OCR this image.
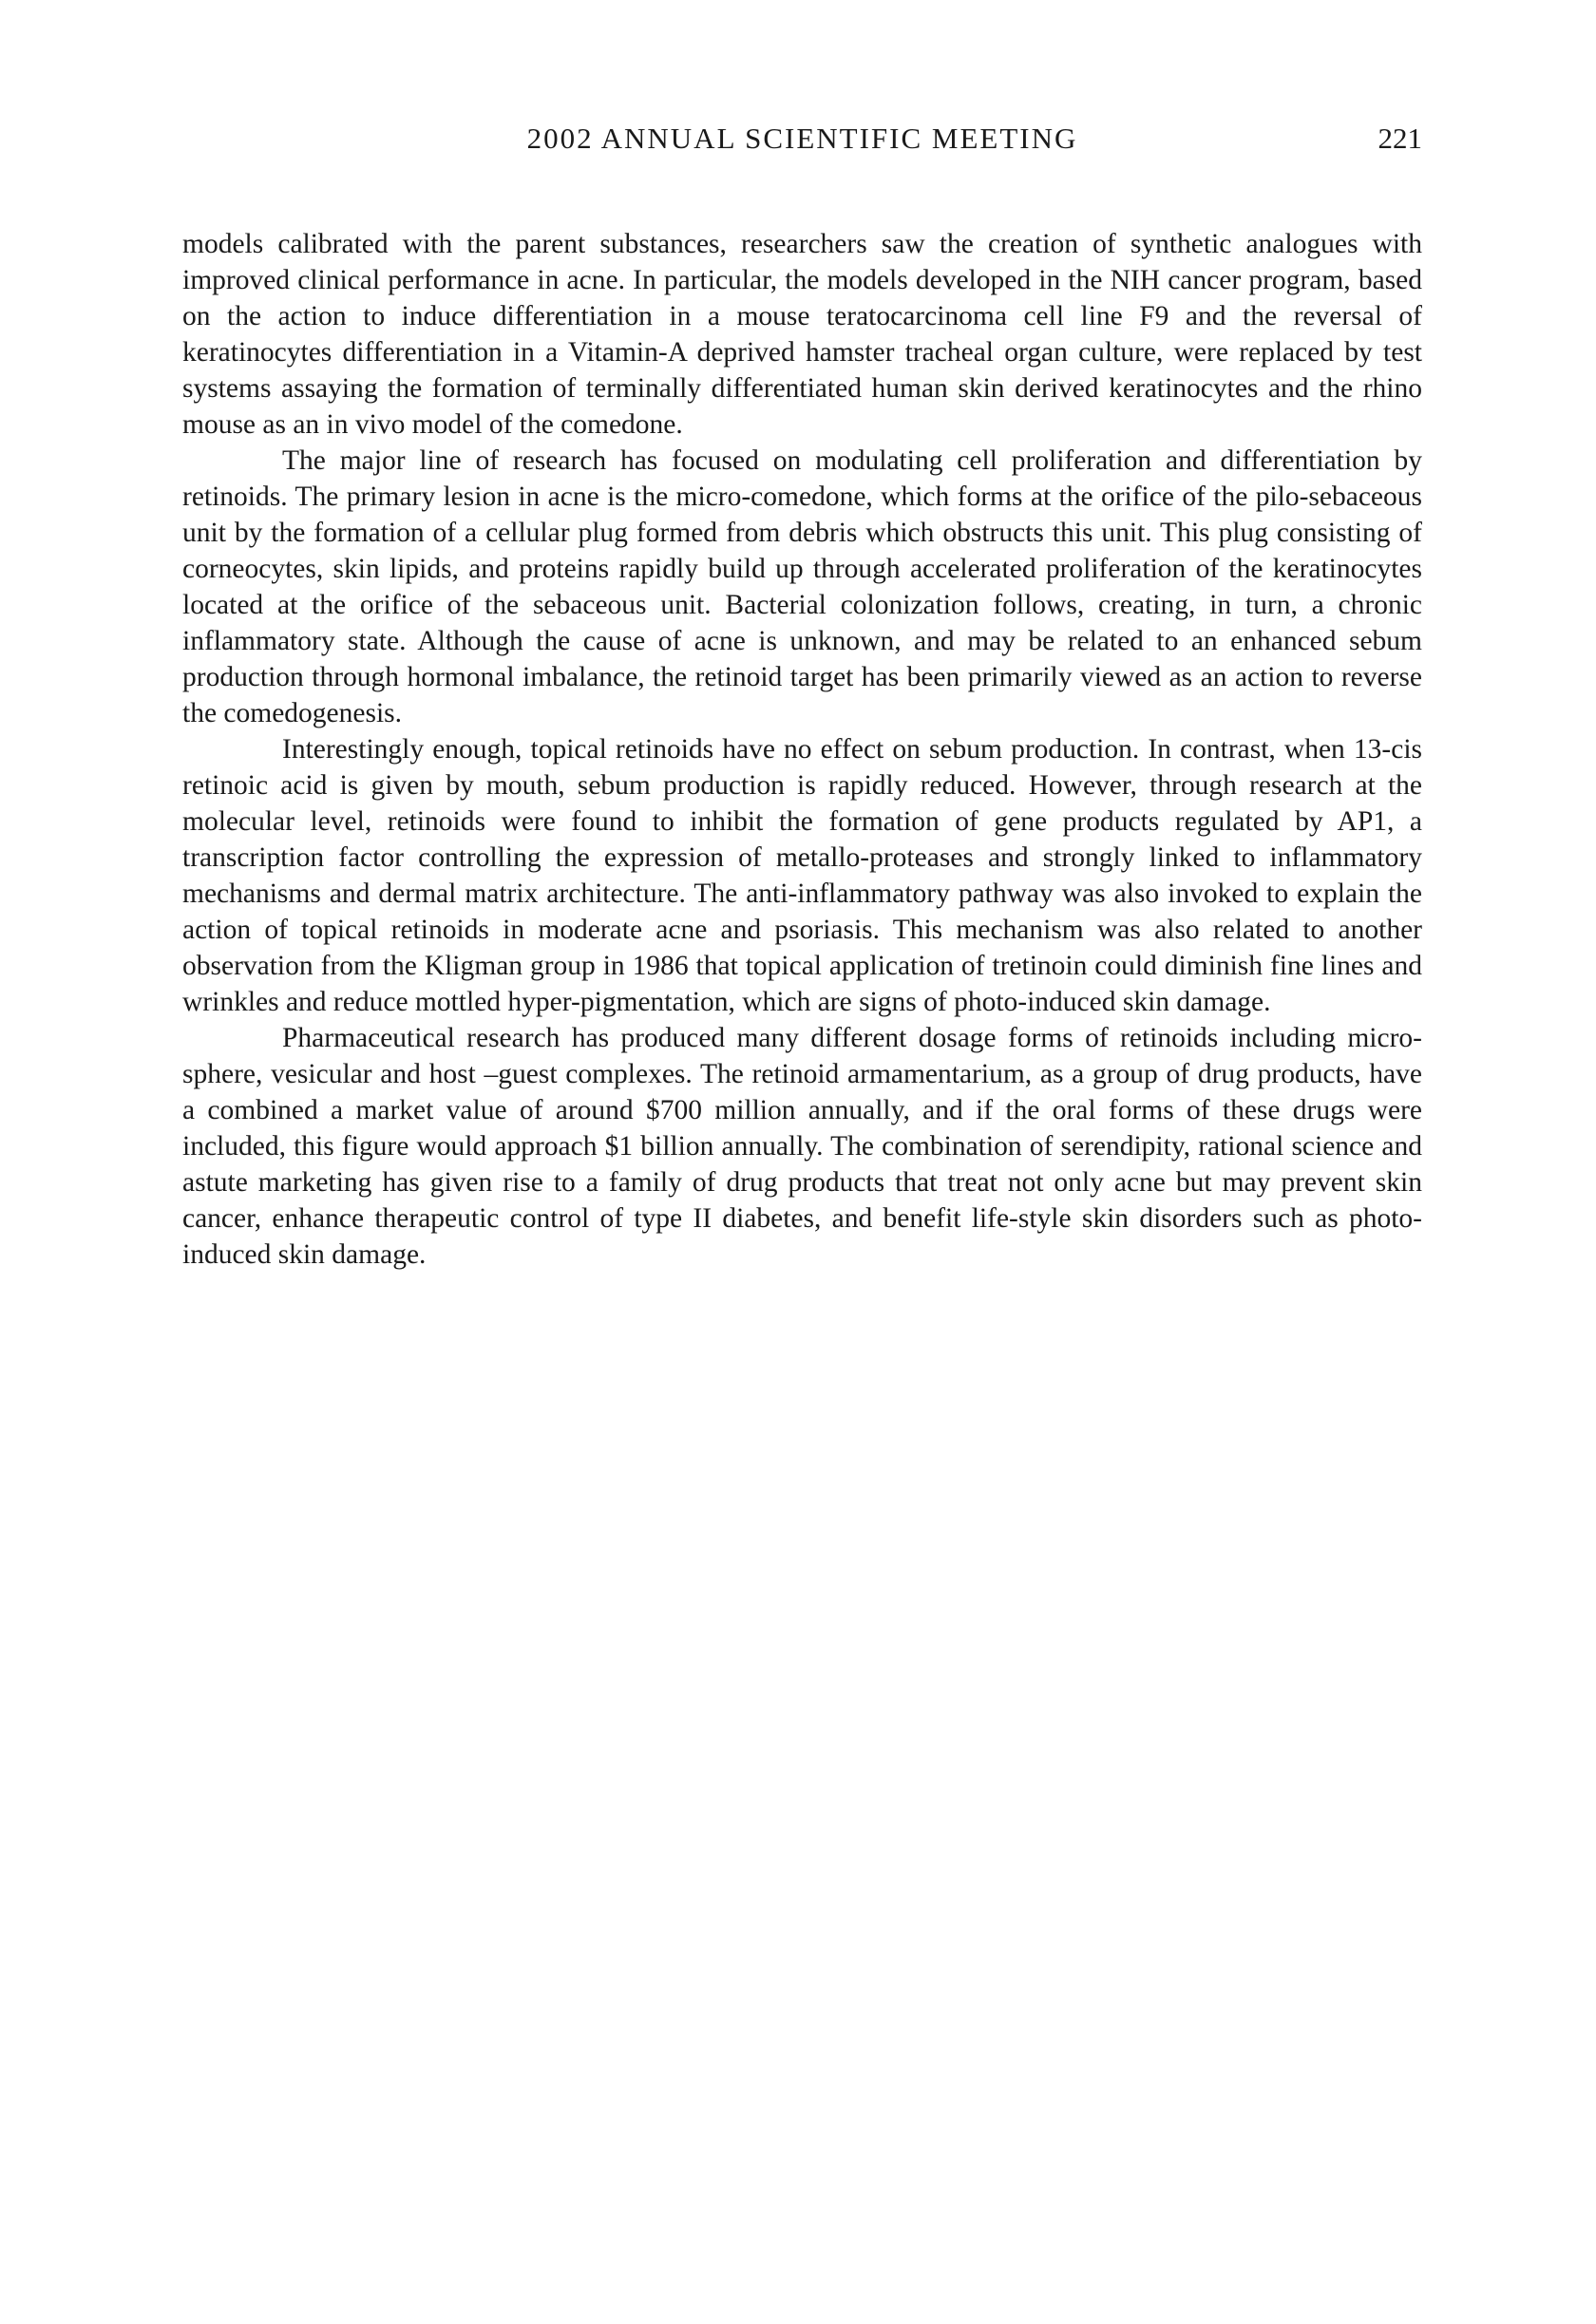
2002 ANNUAL SCIENTIFIC MEETING	221

models calibrated with the parent substances, researchers saw the creation of synthetic analogues with improved clinical performance in acne. In particular, the models developed in the NIH cancer program, based on the action to induce differentiation in a mouse teratocarcinoma cell line F9 and the reversal of keratinocytes differentiation in a Vitamin-A deprived hamster tracheal organ culture, were replaced by test systems assaying the formation of terminally differentiated human skin derived keratinocytes and the rhino mouse as an in vivo model of the comedone.

The major line of research has focused on modulating cell proliferation and differentiation by retinoids. The primary lesion in acne is the micro-comedone, which forms at the orifice of the pilo-sebaceous unit by the formation of a cellular plug formed from debris which obstructs this unit. This plug consisting of corneocytes, skin lipids, and proteins rapidly build up through accelerated proliferation of the keratinocytes located at the orifice of the sebaceous unit. Bacterial colonization follows, creating, in turn, a chronic inflammatory state. Although the cause of acne is unknown, and may be related to an enhanced sebum production through hormonal imbalance, the retinoid target has been primarily viewed as an action to reverse the comedogenesis.

Interestingly enough, topical retinoids have no effect on sebum production. In contrast, when 13-cis retinoic acid is given by mouth, sebum production is rapidly reduced. However, through research at the molecular level, retinoids were found to inhibit the formation of gene products regulated by AP1, a transcription factor controlling the expression of metallo-proteases and strongly linked to inflammatory mechanisms and dermal matrix architecture. The anti-inflammatory pathway was also invoked to explain the action of topical retinoids in moderate acne and psoriasis. This mechanism was also related to another observation from the Kligman group in 1986 that topical application of tretinoin could diminish fine lines and wrinkles and reduce mottled hyper-pigmentation, which are signs of photo-induced skin damage.

Pharmaceutical research has produced many different dosage forms of retinoids including micro-sphere, vesicular and host –guest complexes. The retinoid armamentarium, as a group of drug products, have a combined a market value of around $700 million annually, and if the oral forms of these drugs were included, this figure would approach $1 billion annually. The combination of serendipity, rational science and astute marketing has given rise to a family of drug products that treat not only acne but may prevent skin cancer, enhance therapeutic control of type II diabetes, and benefit life-style skin disorders such as photo-induced skin damage.
